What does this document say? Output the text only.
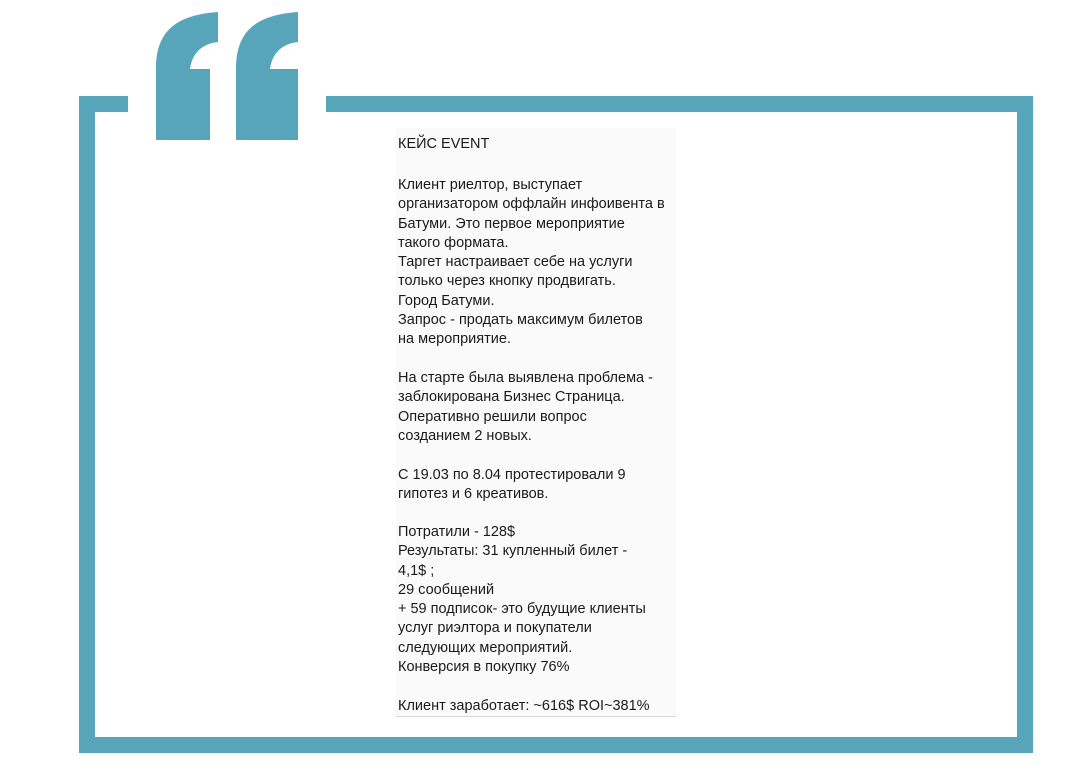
КЕЙС EVENT
Клиент риелтор, выступает
организатором оффлайн инфоивента в
Батуми. Это первое мероприятие
такого формата.
Таргет настраивает себе на услуги
только через кнопку продвигать.
Город Батуми.
Запрос - продать максимум билетов
на мероприятие.
На старте была выявлена проблема -
заблокирована Бизнес Страница.
Оперативно решили вопрос
созданием 2 новых.
С 19.03 по 8.04 протестировали 9
гипотез и 6 креативов.
Потратили - 128$
Результаты: 31 купленный билет -
4,1$ ;
29 сообщений
+ 59 подписок- это будущие клиенты
услуг риэлтора и покупатели
следующих мероприятий.
Конверсия в покупку 76%
Клиент заработает: ~616$ ROI~381%
